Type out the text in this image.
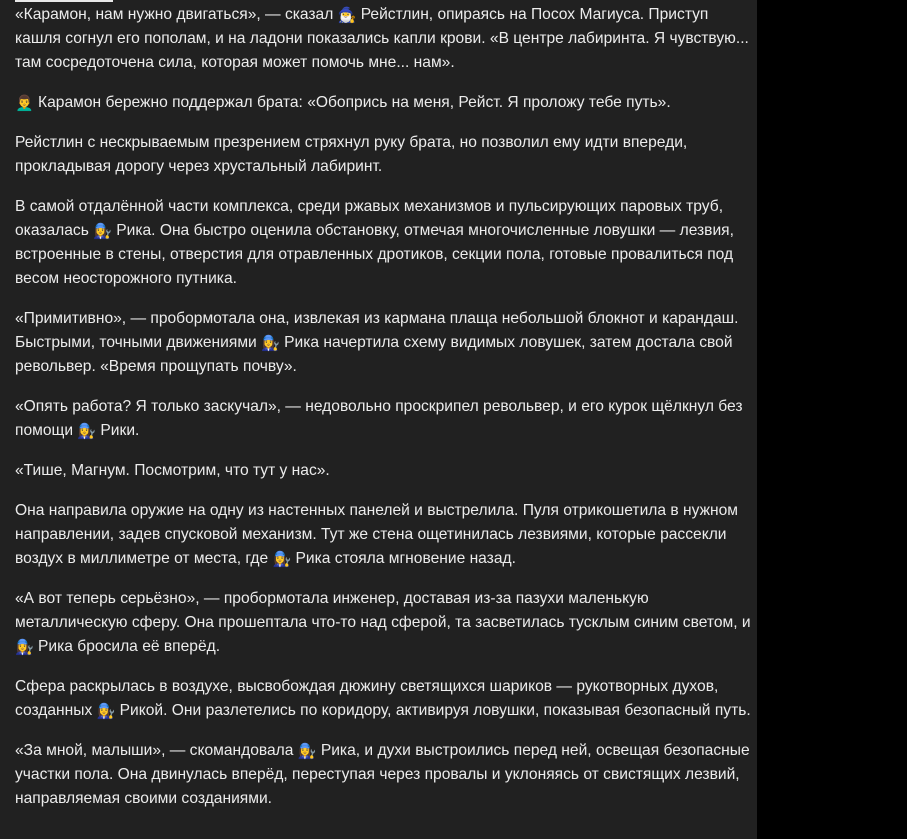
«Карамон, нам нужно двигаться», — сказал 🧙‍♂️ Рейстлин, опираясь на Посох Магиуса. Приступ кашля согнул его пополам, и на ладони показались капли крови. «В центре лабиринта. Я чувствую... там сосредоточена сила, которая может помочь мне... нам».

👨‍🦱 Карамон бережно поддержал брата: «Обопрись на меня, Рейст. Я проложу тебе путь».

Рейстлин с нескрываемым презрением стряхнул руку брата, но позволил ему идти впереди, прокладывая дорогу через хрустальный лабиринт.

В самой отдалённой части комплекса, среди ржавых механизмов и пульсирующих паровых труб, оказалась 👩‍🔧 Рика. Она быстро оценила обстановку, отмечая многочисленные ловушки — лезвия, встроенные в стены, отверстия для отравленных дротиков, секции пола, готовые провалиться под весом неосторожного путника.

«Примитивно», — пробормотала она, извлекая из кармана плаща небольшой блокнот и карандаш. Быстрыми, точными движениями 👩‍🔧 Рика начертила схему видимых ловушек, затем достала свой револьвер. «Время прощупать почву».

«Опять работа? Я только заскучал», — недовольно проскрипел револьвер, и его курок щёлкнул без помощи 👩‍🔧 Рики.

«Тише, Магнум. Посмотрим, что тут у нас».

Она направила оружие на одну из настенных панелей и выстрелила. Пуля отрикошетила в нужном направлении, задев спусковой механизм. Тут же стена ощетинилась лезвиями, которые рассекли воздух в миллиметре от места, где 👩‍🔧 Рика стояла мгновение назад.

«А вот теперь серьёзно», — пробормотала инженер, доставая из-за пазухи маленькую металлическую сферу. Она прошептала что-то над сферой, та засветилась тусклым синим светом, и 👩‍🔧 Рика бросила её вперёд.

Сфера раскрылась в воздухе, высвобождая дюжину светящихся шариков — рукотворных духов, созданных 👩‍🔧 Рикой. Они разлетелись по коридору, активируя ловушки, показывая безопасный путь.

«За мной, малыши», — скомандовала 👩‍🔧 Рика, и духи выстроились перед ней, освещая безопасные участки пола. Она двинулась вперёд, переступая через провалы и уклоняясь от свистящих лезвий, направляемая своими созданиями.
